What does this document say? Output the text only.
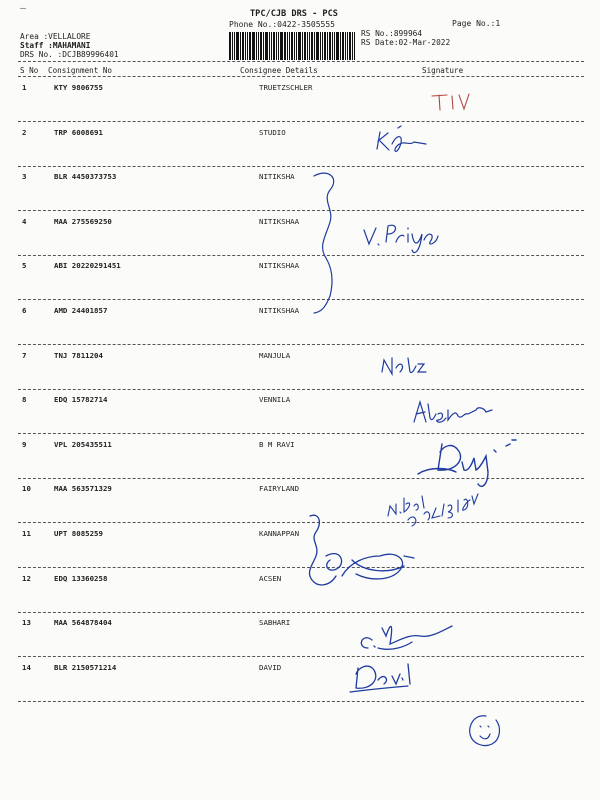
–	TPC/CJB DRS - PCS
Phone No.:0422-3505555	Page No.:1
Area :VELLALORE
Staff :MAHAMANI
DRS No. :DCJB89996401
RS No.:899964
RS Date:02-Mar-2022
S No Consignment No	Consignee Details	Signature
1	KTY 9806755	TRUETZSCHLER
2	TRP 6008691	STUDIO
3	BLR 4450373753	NITIKSHA
4	MAA 275569250	NITIKSHAA
5	ABI 20220291451	NITIKSHAA
6	AMD 24401857	NITIKSHAA
7	TNJ 7811204	MANJULA
8	EDQ 15782714	VENNILA
9	VPL 205435511	B M RAVI
10	MAA 563571329	FAIRYLAND
11	UPT 8085259	KANNAPPAN
12	EDQ 13360258	ACSEN
13	MAA 564878404	SABHARI
14	BLR 2150571214	DAVID
